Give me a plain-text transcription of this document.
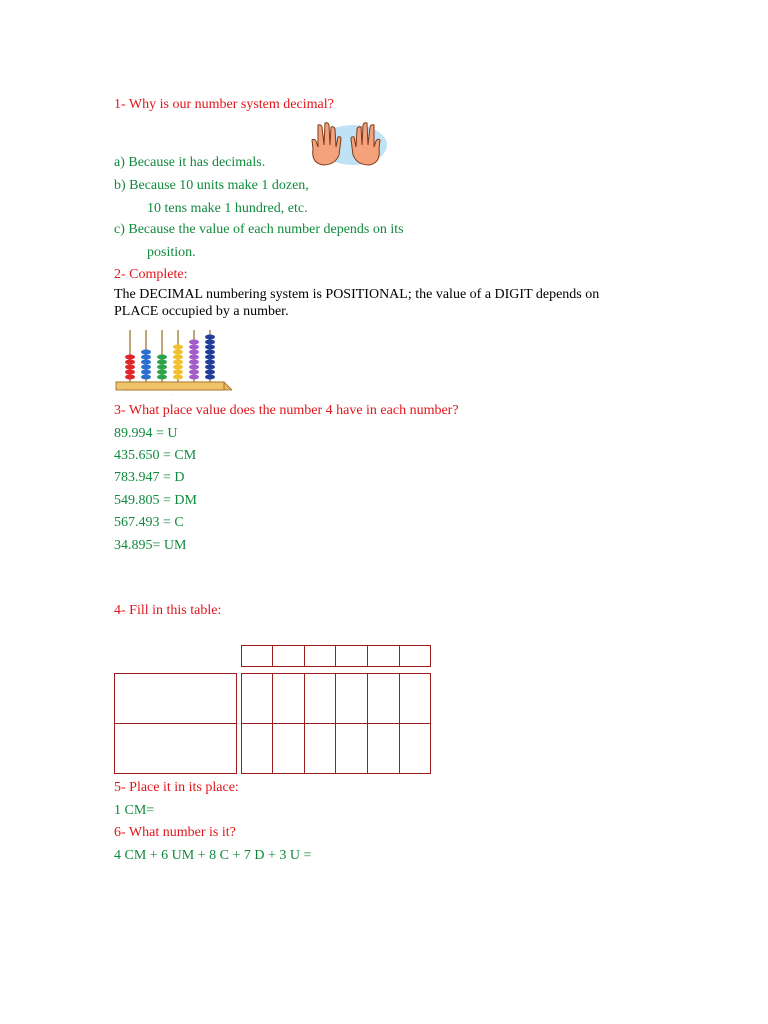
1- Why is our number system decimal?
a) Because it has decimals.
b) Because 10 units make 1 dozen,
10 tens make 1 hundred, etc.
c) Because the value of each number depends on its
position.
2- Complete:
The DECIMAL numbering system is POSITIONAL; the value of a DIGIT depends on
PLACE occupied by a number.
·
3- What place value does the number 4 have in each number?
89.994 = U
435.650 = CM
783.947 = D
549.805 = DM
567.493 = C
34.895= UM
4- Fill in this table:
5- Place it in its place:
1 CM=
6- What number is it?
4 CM + 6 UM + 8 C + 7 D + 3 U =
